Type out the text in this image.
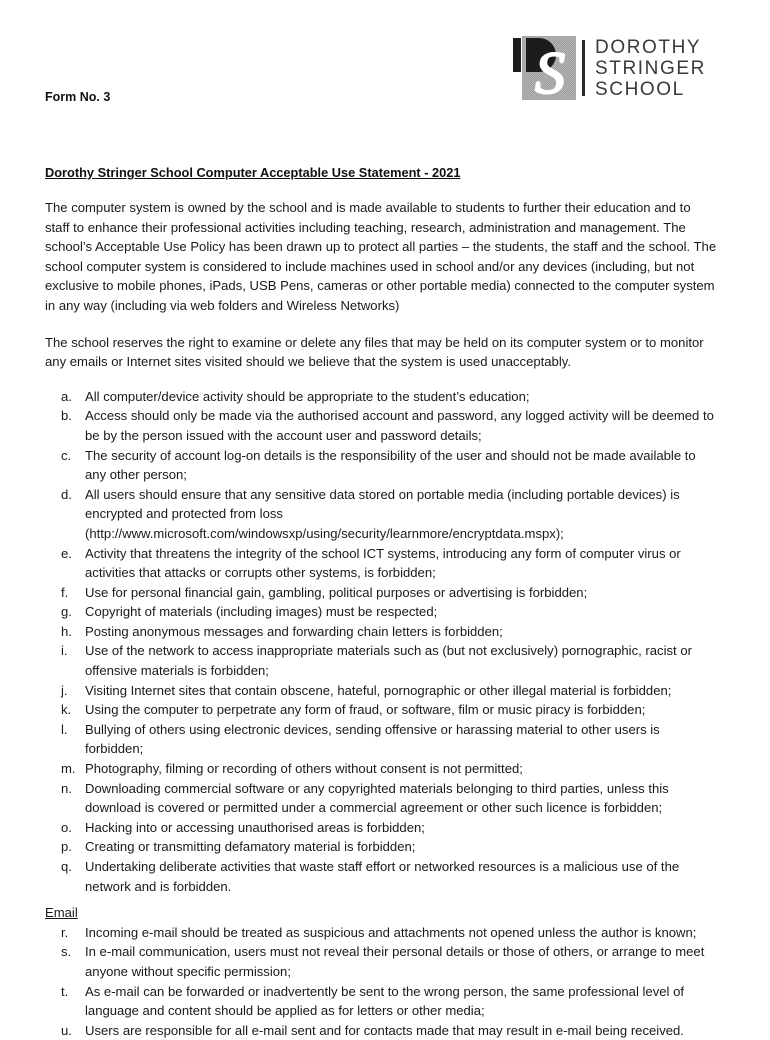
S DOROTHY
STRINGER
SCHOOL
Form No. 3
Dorothy Stringer School Computer Acceptable Use Statement - 2021

The computer system is owned by the school and is made available to students to further their education and to staff to enhance their professional activities including teaching, research, administration and management. The school’s Acceptable Use Policy has been drawn up to protect all parties – the students, the staff and the school. The school computer system is considered to include machines used in school and/or any devices (including, but not exclusive to mobile phones, iPads, USB Pens, cameras or other portable media) connected to the computer system in any way (including via web folders and Wireless Networks)

The school reserves the right to examine or delete any files that may be held on its computer system or to monitor any emails or Internet sites visited should we believe that the system is used unacceptably.

a. All computer/device activity should be appropriate to the student’s education;
b. Access should only be made via the authorised account and password, any logged activity will be deemed to be by the person issued with the account user and password details;
c.	The security of account log-on details is the responsibility of the user and should not be made available to any other person;
d. All users should ensure that any sensitive data stored on portable media (including portable devices) is encrypted and protected from loss (http://www.microsoft.com/windowsxp/using/security/learnmore/encryptdata.mspx);
e. Activity that threatens the integrity of the school ICT systems, introducing any form of computer virus or activities that attacks or corrupts other systems, is forbidden;
f.	Use for personal financial gain, gambling, political purposes or advertising is forbidden;
g. Copyright of materials (including images) must be respected;
h. Posting anonymous messages and forwarding chain letters is forbidden;
i.	Use of the network to access inappropriate materials such as (but not exclusively) pornographic, racist or offensive materials is forbidden;
j.	Visiting Internet sites that contain obscene, hateful, pornographic or other illegal material is forbidden;
k.	Using the computer to perpetrate any form of fraud, or software, film or music piracy is forbidden;
l.	Bullying of others using electronic devices, sending offensive or harassing material to other users is forbidden;
m. Photography, filming or recording of others without consent is not permitted;
n. Downloading commercial software or any copyrighted materials belonging to third parties, unless this download is covered or permitted under a commercial agreement or other such licence is forbidden;
o. Hacking into or accessing unauthorised areas is forbidden;
p. Creating or transmitting defamatory material is forbidden;
q. Undertaking deliberate activities that waste staff effort or networked resources is a malicious use of the network and is forbidden.
Email
r.	Incoming e-mail should be treated as suspicious and attachments not opened unless the author is known;
s.	In e-mail communication, users must not reveal their personal details or those of others, or arrange to meet anyone without specific permission;
t.	As e-mail can be forwarded or inadvertently be sent to the wrong person, the same professional level of language and content should be applied as for letters or other media;
u. Users are responsible for all e-mail sent and for contacts made that may result in e-mail being received.
